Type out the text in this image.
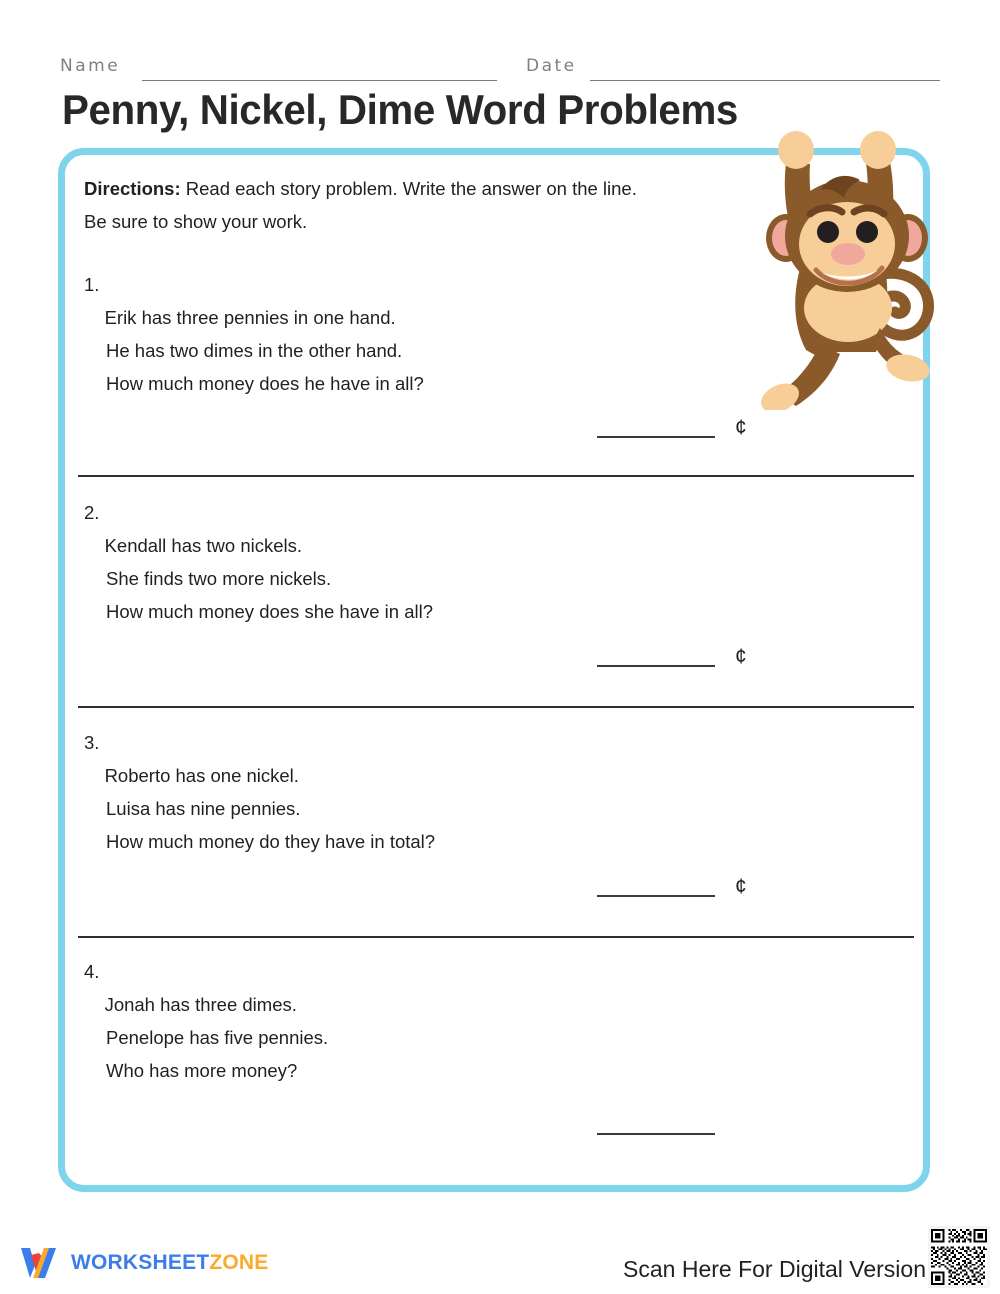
Name	Date
Penny, Nickel, Dime Word Problems
Directions: Read each story problem. Write the answer on the line.
Be sure to show your work.
1.
Erik has three pennies in one hand.
He has two dimes in the other hand.
How much money does he have in all?
¢
2.
Kendall has two nickels.
She finds two more nickels.
How much money does she have in all?
¢
3.
Roberto has one nickel.
Luisa has nine pennies.
How much money do they have in total?
¢
4.
Jonah has three dimes.
Penelope has five pennies.
Who has more money?
WORKSHEETZONE	Scan Here For Digital Version
